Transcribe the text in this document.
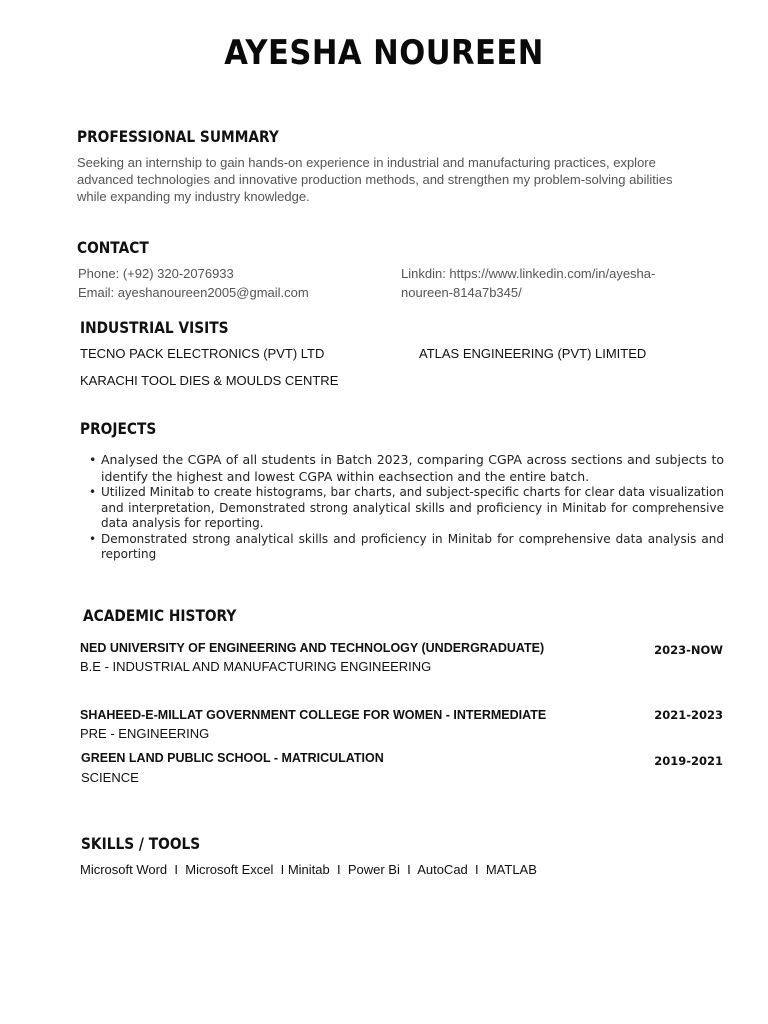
AYESHA NOUREEN
PROFESSIONAL SUMMARY
Seeking an internship to gain hands-on experience in industrial and manufacturing practices, explore
advanced technologies and innovative production methods, and strengthen my problem-solving abilities
while expanding my industry knowledge.
CONTACT
Phone: (+92) 320-2076933
Email: ayeshanoureen2005@gmail.com
Linkdin: https://www.linkedin.com/in/ayesha-
noureen-814a7b345/
INDUSTRIAL VISITS
TECNO PACK ELECTRONICS (PVT) LTD	ATLAS ENGINEERING (PVT) LIMITED
KARACHI TOOL DIES & MOULDS CENTRE
PROJECTS
• Analysed the CGPA of all students in Batch 2023, comparing CGPA across sections and subjects to identify the highest and lowest CGPA within eachsection and the entire batch.
• Utilized Minitab to create histograms, bar charts, and subject-specific charts for clear data visualization and interpretation, Demonstrated strong analytical skills and proficiency in Minitab for comprehensive data analysis for reporting.
• Demonstrated strong analytical skills and proficiency in Minitab for comprehensive data analysis and reporting
ACADEMIC HISTORY
NED UNIVERSITY OF ENGINEERING AND TECHNOLOGY (UNDERGRADUATE)
B.E - INDUSTRIAL AND MANUFACTURING ENGINEERING
2023-NOW
SHAHEED-E-MILLAT GOVERNMENT COLLEGE FOR WOMEN - INTERMEDIATE
PRE - ENGINEERING
2021-2023
GREEN LAND PUBLIC SCHOOL - MATRICULATION
SCIENCE
2019-2021
SKILLS / TOOLS
Microsoft Word  I  Microsoft Excel  I Minitab  I  Power Bi  I  AutoCad  I  MATLAB
